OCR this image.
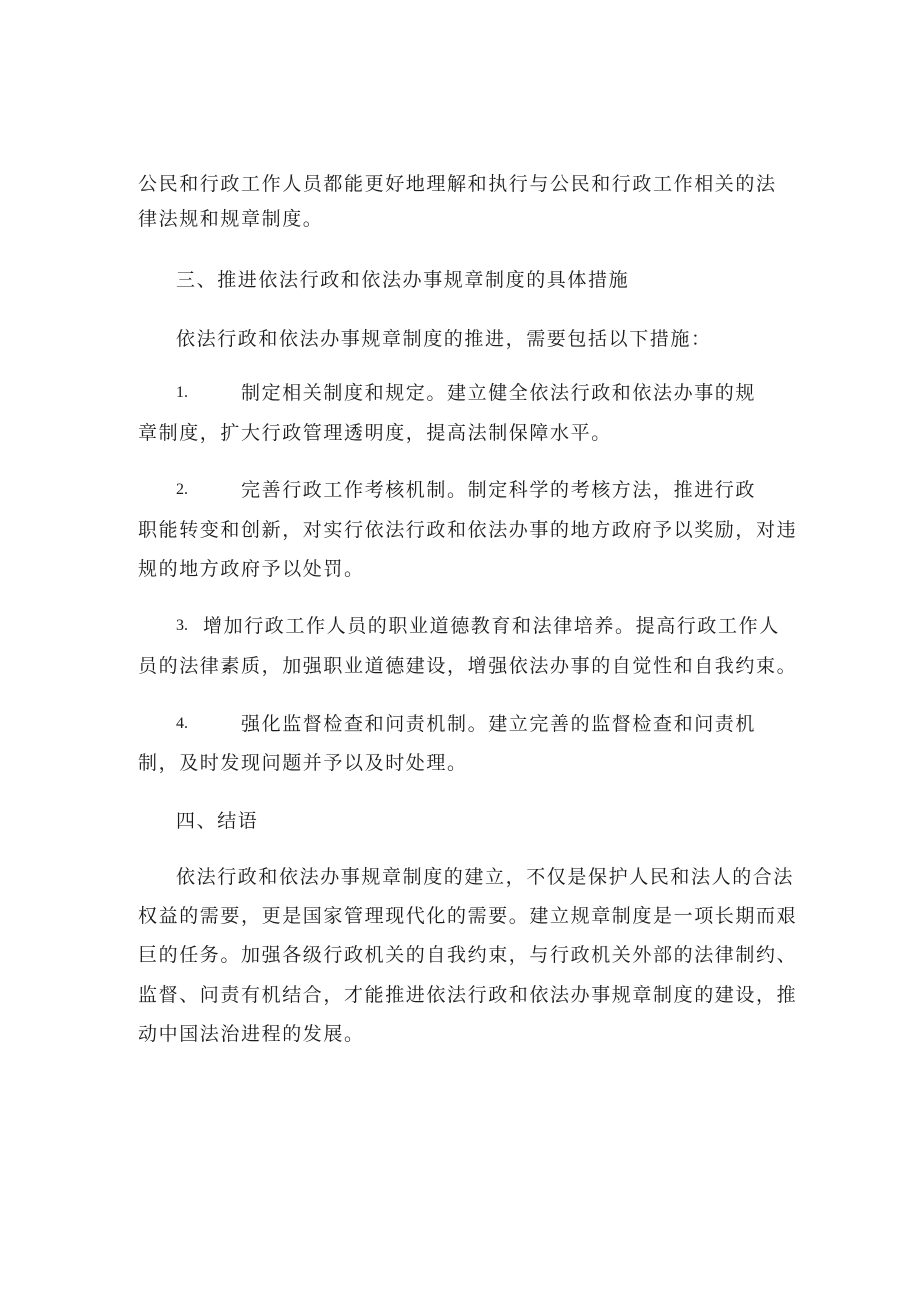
公民和行政工作人员都能更好地理解和执行与公民和行政工作相关的法
律法规和规章制度。
三、推进依法行政和依法办事规章制度的具体措施
依法行政和依法办事规章制度的推进，需要包括以下措施：
1.	制定相关制度和规定。建立健全依法行政和依法办事的规
章制度，扩大行政管理透明度，提高法制保障水平。
2.	完善行政工作考核机制。制定科学的考核方法，推进行政
职能转变和创新，对实行依法行政和依法办事的地方政府予以奖励，对违
规的地方政府予以处罚。
3. 增加行政工作人员的职业道德教育和法律培养。提高行政工作人
员的法律素质，加强职业道德建设，增强依法办事的自觉性和自我约束。
4.	强化监督检查和问责机制。建立完善的监督检查和问责机
制，及时发现问题并予以及时处理。
四、结语
依法行政和依法办事规章制度的建立，不仅是保护人民和法人的合法
权益的需要，更是国家管理现代化的需要。建立规章制度是一项长期而艰
巨的任务。加强各级行政机关的自我约束，与行政机关外部的法律制约、
监督、问责有机结合，才能推进依法行政和依法办事规章制度的建设，推
动中国法治进程的发展。
